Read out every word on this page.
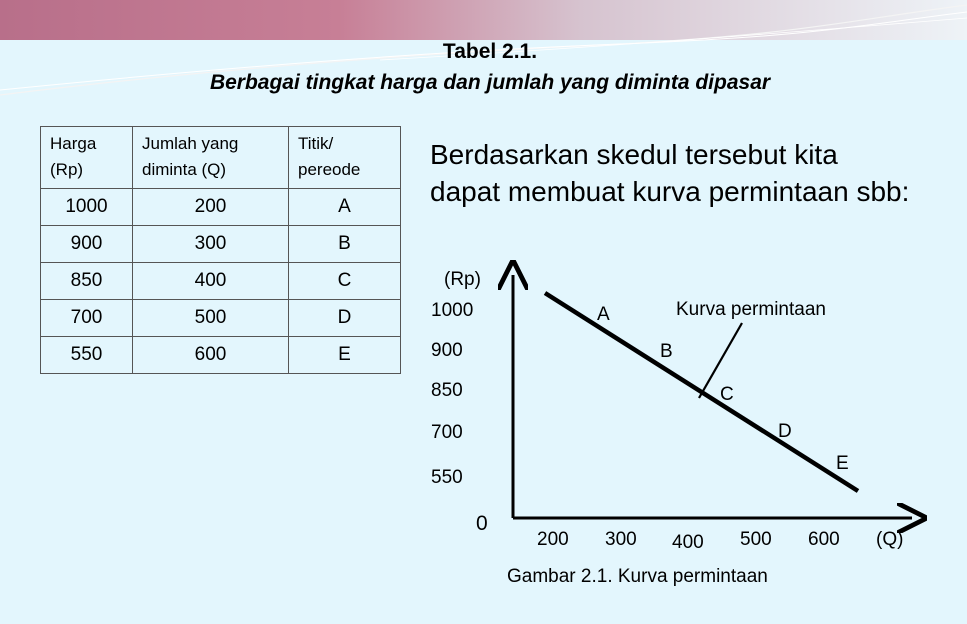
Tabel 2.1.
Berbagai tingkat harga dan jumlah yang diminta dipasar
Harga (Rp)	Jumlah yang diminta (Q)	Titik/ pereode
1000	200	A
900	300	B
850	400	C
700	500	D
550	600	E
Berdasarkan skedul tersebut kita dapat membuat kurva permintaan sbb:
(Rp)
(Q)
0
Kurva permintaan
1000
900
850
700
550
200 300 400 500 600
A
B
C
D
E
Gambar 2.1. Kurva permintaan
